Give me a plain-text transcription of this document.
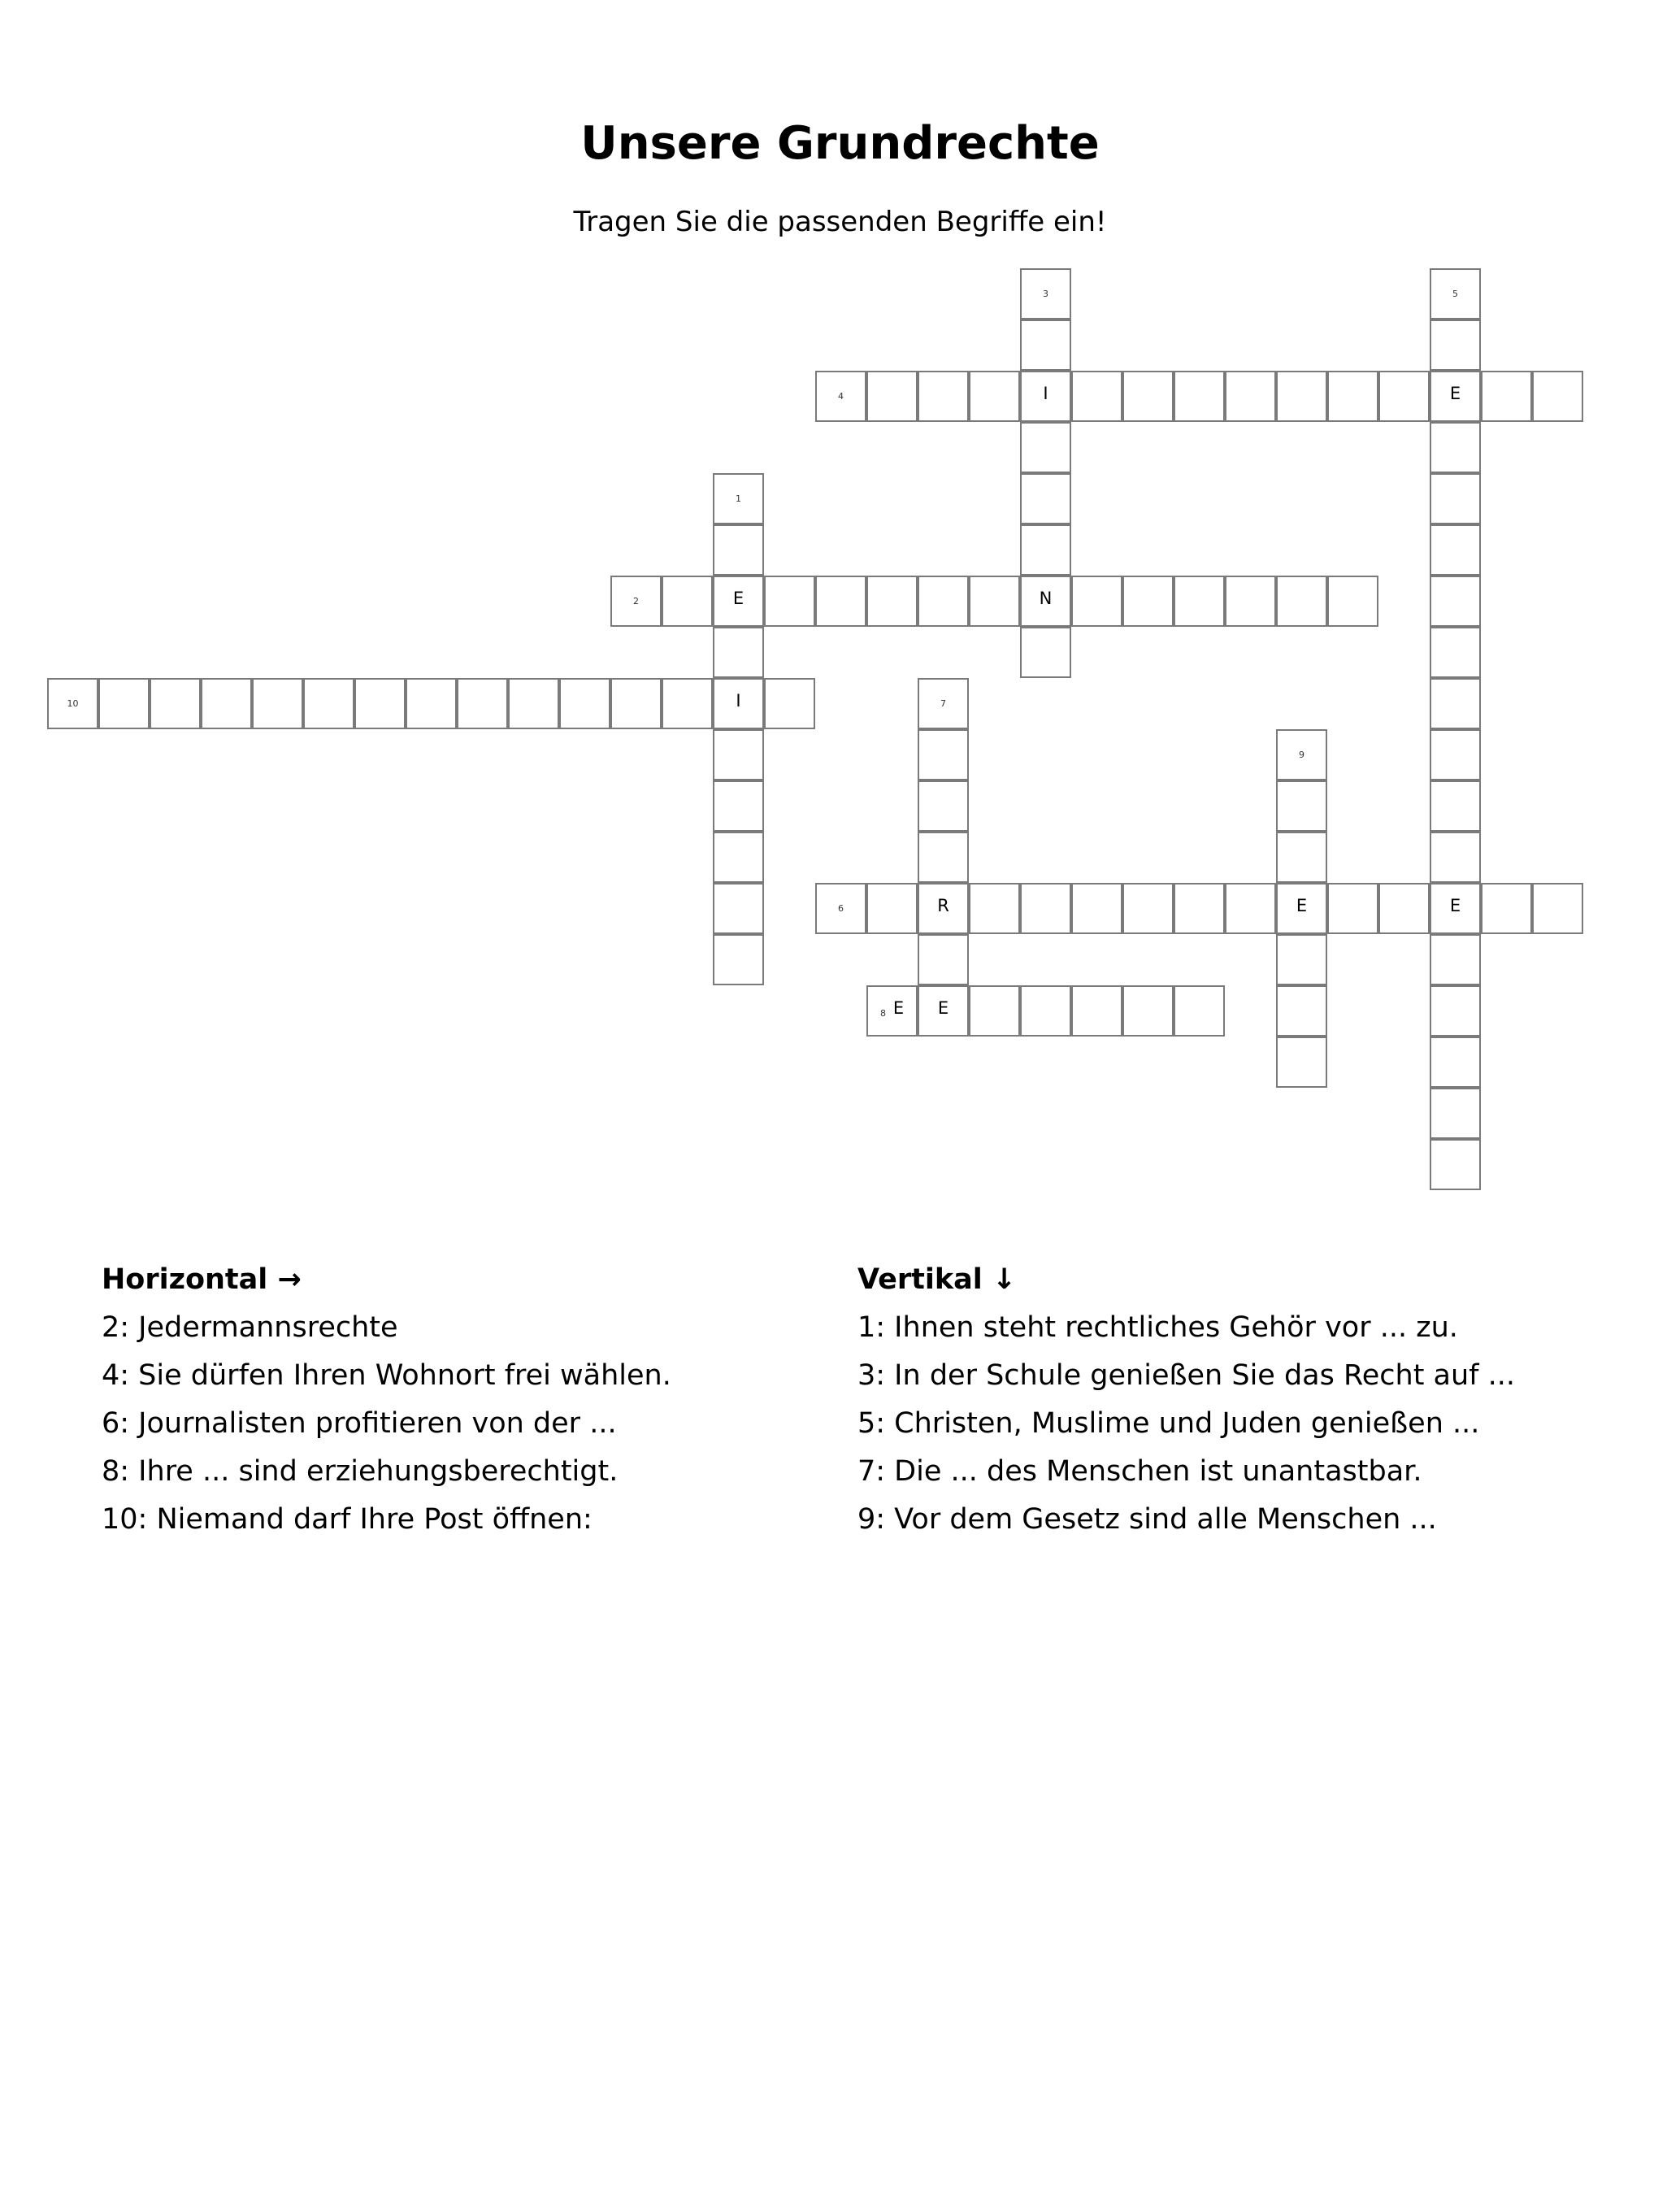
Unsere Grundrechte
Tragen Sie die passenden Begriffe ein!
1
E
I
2	N
3
I
4	E
5
E
6	R	E
7
E
8 E
9
10
Horizontal →
2: Jedermannsrechte
4: Sie dürfen Ihren Wohnort frei wählen.
6: Journalisten profitieren von der ...
8: Ihre ... sind erziehungsberechtigt.
10: Niemand darf Ihre Post öffnen:
Vertikal ↓
1: Ihnen steht rechtliches Gehör vor ... zu.
3: In der Schule genießen Sie das Recht auf ...
5: Christen, Muslime und Juden genießen ...
7: Die ... des Menschen ist unantastbar.
9: Vor dem Gesetz sind alle Menschen ...
